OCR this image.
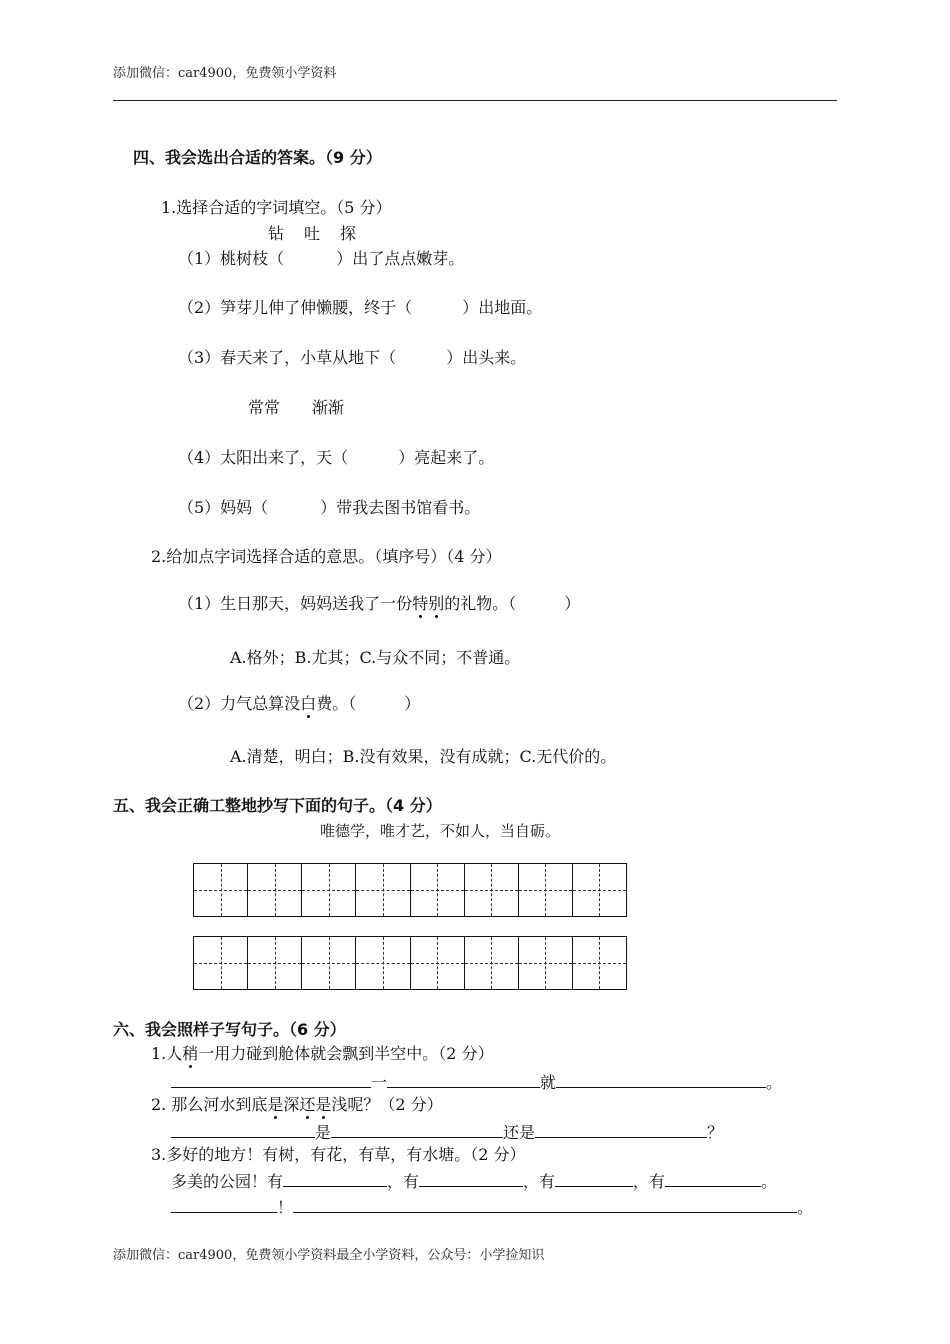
添加微信：car4900，免费领小学资料
四、我会选出合适的答案。（9 分）
1.选择合适的字词填空。（5 分）
钻　吐　探
（1）桃树枝（	）出了点点嫩芽。
（2）笋芽儿伸了伸懒腰，终于（	）出地面。
（3）春天来了，小草从地下（	）出头来。
常常　　渐渐
（4）太阳出来了，天（	）亮起来了。
（5）妈妈（	）带我去图书馆看书。
2.给加点字词选择合适的意思。（填序号）（4 分）
（1）生日那天，妈妈送我了一份特别的礼物。（　　　）
A.格外；B.尤其；C.与众不同；不普通。
（2）力气总算没白费。（　　　）
A.清楚，明白；B.没有效果，没有成就；C.无代价的。
五、我会正确工整地抄写下面的句子。（4 分）
唯德学，唯才艺，不如人，当自砺。
六、我会照样子写句子。（6 分）
1.人稍一用力碰到舱体就会飘到半空中。（2 分）
一	就	。
2. 那么河水到底是深还是浅呢？（2 分）
是	还是	？
3.多好的地方！有树，有花，有草，有水塘。（2 分）
多美的公园！有	，有	，有	，有	。
！	。
添加微信：car4900，免费领小学资料最全小学资料，公众号：小学捡知识
